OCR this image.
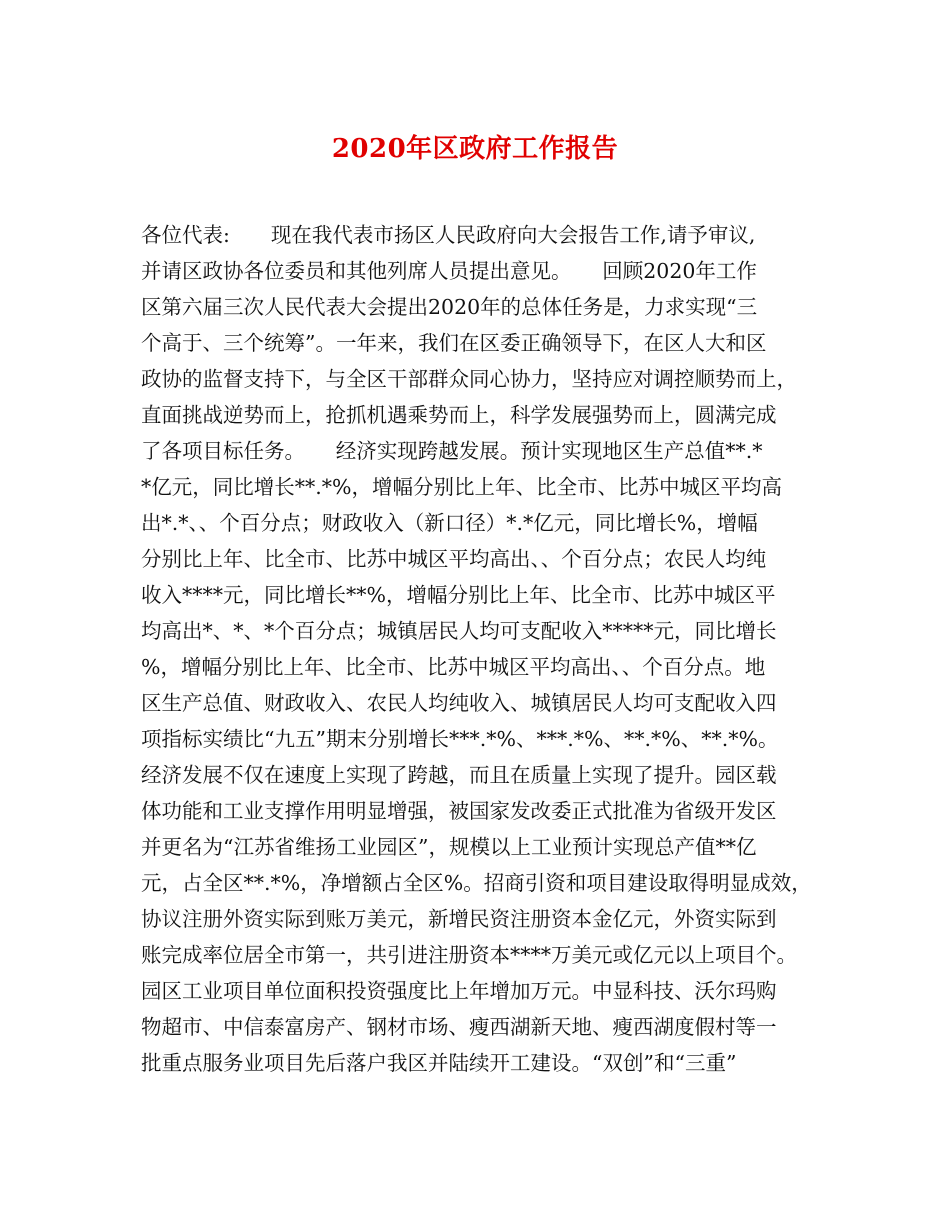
2020年区政府工作报告
各位代表:　　现在我代表市扬区人民政府向大会报告工作,请予审议,
并请区政协各位委员和其他列席人员提出意见。　　回顾2020年工作
区第六届三次人民代表大会提出2020年的总体任务是，力求实现“三
个高于、三个统筹”。一年来，我们在区委正确领导下，在区人大和区
政协的监督支持下，与全区干部群众同心协力，坚持应对调控顺势而上，
直面挑战逆势而上，抢抓机遇乘势而上，科学发展强势而上，圆满完成
了各项目标任务。　　经济实现跨越发展。预计实现地区生产总值**.*
*亿元，同比增长**.*%，增幅分别比上年、比全市、比苏中城区平均高
出*.*、、个百分点；财政收入（新口径）*.*亿元，同比增长%，增幅
分别比上年、比全市、比苏中城区平均高出、、个百分点；农民人均纯
收入****元，同比增长**%，增幅分别比上年、比全市、比苏中城区平
均高出*、*、*个百分点；城镇居民人均可支配收入*****元，同比增长
%，增幅分别比上年、比全市、比苏中城区平均高出、、个百分点。地
区生产总值、财政收入、农民人均纯收入、城镇居民人均可支配收入四
项指标实绩比“九五”期末分别增长***.*%、***.*%、**.*%、**.*%。
经济发展不仅在速度上实现了跨越，而且在质量上实现了提升。园区载
体功能和工业支撑作用明显增强，被国家发改委正式批准为省级开发区
并更名为“江苏省维扬工业园区”，规模以上工业预计实现总产值**亿
元，占全区**.*%，净增额占全区%。招商引资和项目建设取得明显成效，
协议注册外资实际到账万美元，新增民资注册资本金亿元，外资实际到
账完成率位居全市第一，共引进注册资本****万美元或亿元以上项目个。
园区工业项目单位面积投资强度比上年增加万元。中显科技、沃尔玛购
物超市、中信泰富房产、钢材市场、瘦西湖新天地、瘦西湖度假村等一
批重点服务业项目先后落户我区并陆续开工建设。“双创”和“三重”
